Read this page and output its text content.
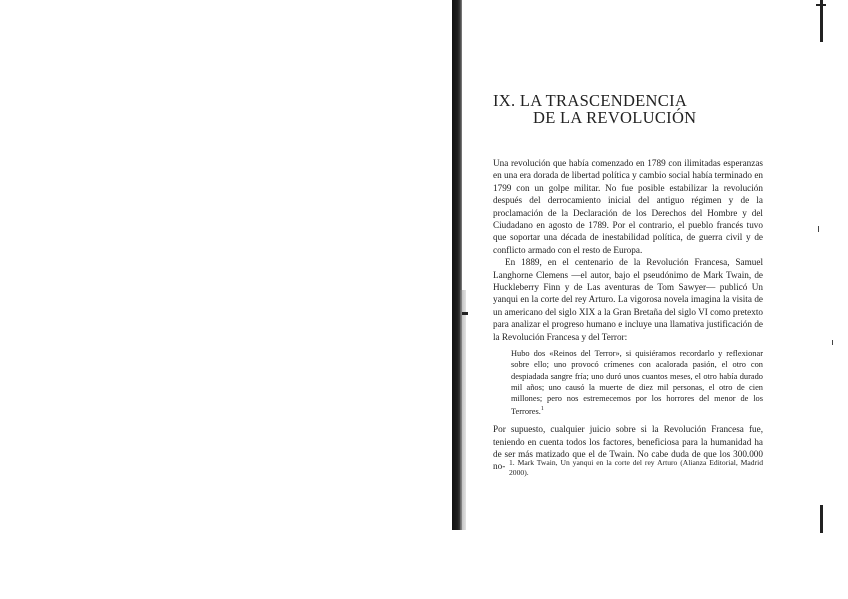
IX. LA TRASCENDENCIA
DE LA REVOLUCIÓN

Una revolución que había comenzado en 1789 con ilimitadas esperanzas en una era dorada de libertad política y cambio social había terminado en 1799 con un golpe militar. No fue posible estabilizar la revolución después del derrocamiento inicial del antiguo régimen y de la proclamación de la Declaración de los Derechos del Hombre y del Ciudadano en agosto de 1789. Por el contrario, el pueblo francés tuvo que soportar una década de inestabilidad política, de guerra civil y de conflicto armado con el resto de Europa.

En 1889, en el centenario de la Revolución Francesa, Samuel Langhorne Clemens —el autor, bajo el pseudónimo de Mark Twain, de Huckleberry Finn y de Las aventuras de Tom Sawyer— publicó Un yanqui en la corte del rey Arturo. La vigorosa novela imagina la visita de un americano del siglo XIX a la Gran Bretaña del siglo VI como pretexto para analizar el progreso humano e incluye una llamativa justificación de la Revolución Francesa y del Terror:

Hubo dos «Reinos del Terror», si quisiéramos recordarlo y reflexionar sobre ello; uno provocó crímenes con acalorada pasión, el otro con despiadada sangre fría; uno duró unos cuantos meses, el otro había durado mil años; uno causó la muerte de diez mil personas, el otro de cien millones; pero nos estremecemos por los horrores del menor de los Terrores.$^1$

Por supuesto, cualquier juicio sobre si la Revolución Francesa fue, teniendo en cuenta todos los factores, beneficiosa para la humanidad ha de ser más matizado que el de Twain. No cabe duda de que los 300.000 no- 1. Mark Twain, Un yanqui en la corte del rey Arturo (Alianza Editorial, Madrid 2000).
